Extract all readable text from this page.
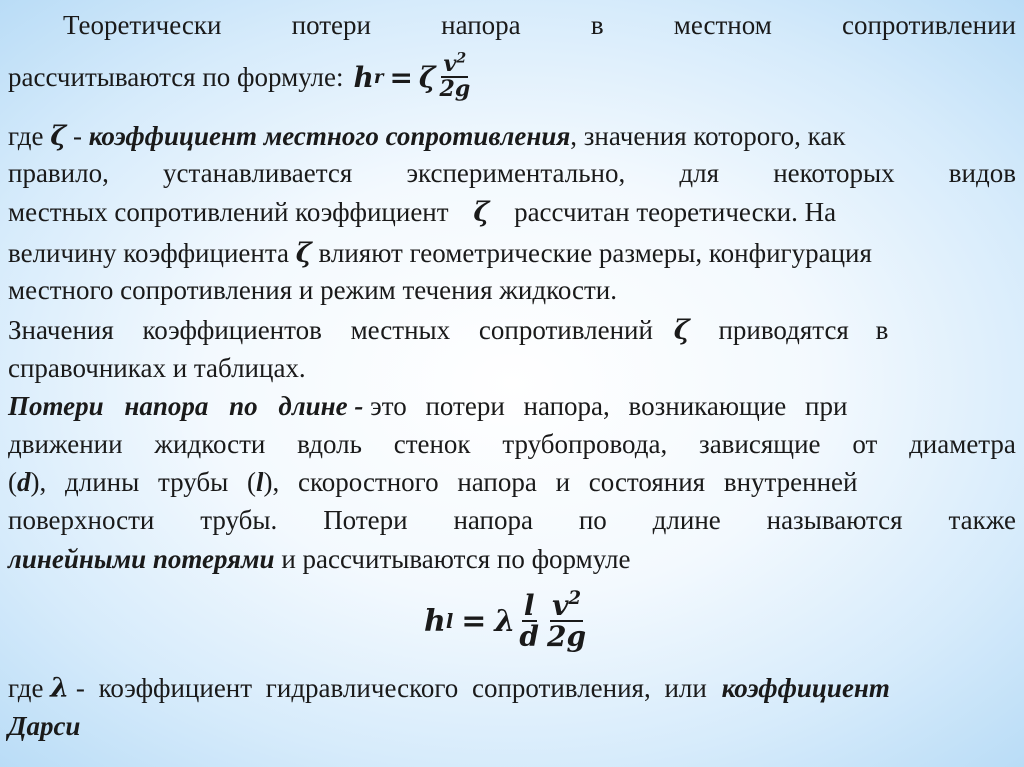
Теоретически	потери	напора	в	местном	сопротивлении
рассчитываются по формуле: h r = ζ $\frac{v^2}{2g}$
где ζ - коэффициент местного сопротивления, значения которого, как
правило, устанавливается экспериментально, для некоторых видов
местных сопротивлений коэффициент ζ рассчитан теоретически. На
величину коэффициента ζ влияют геометрические размеры, конфигурация
местного сопротивления и режим течения жидкости.
Значения коэффициентов местных сопротивлений ζ приводятся в
справочниках и таблицах.
Потери напора по длине - это потери напора, возникающие при
движении жидкости вдоль стенок трубопровода, зависящие от диаметра
(d), длины трубы (l), скоростного напора и состояния внутренней
поверхности трубы. Потери напора по длине называются также
линейными потерями и рассчитываются по формуле
h l = λ $\frac{l}{d} \frac{v^2}{2g}$
где λ - коэффициент гидравлического сопротивления, или коэффициент
Дарси
